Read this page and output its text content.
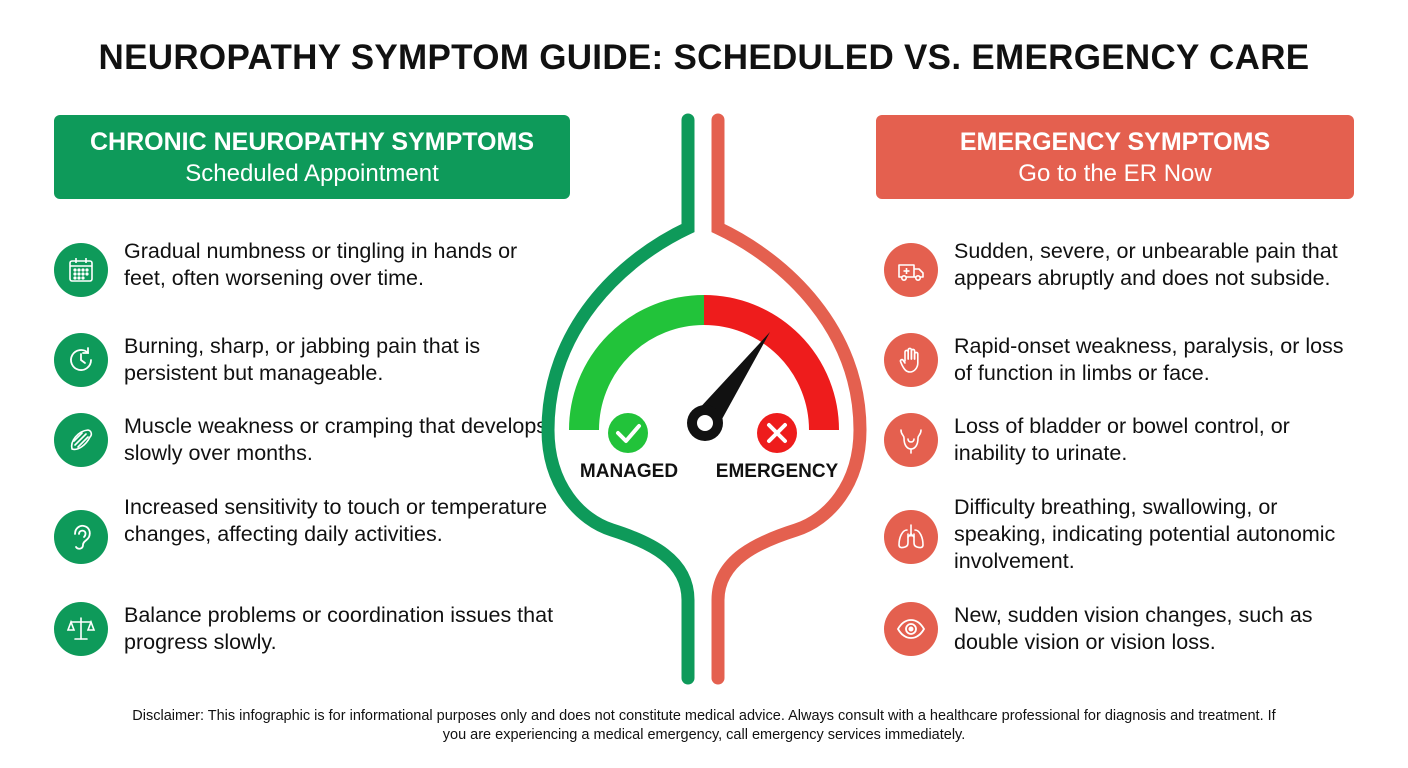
NEUROPATHY SYMPTOM GUIDE: SCHEDULED VS. EMERGENCY CARE
CHRONIC NEUROPATHY SYMPTOMS
Scheduled Appointment
EMERGENCY SYMPTOMS
Go to the ER Now
Gradual numbness or tingling in hands or feet, often worsening over time.
Burning, sharp, or jabbing pain that is persistent but manageable.
Muscle weakness or cramping that develops slowly over months.
Increased sensitivity to touch or temperature changes, affecting daily activities.
Balance problems or coordination issues that progress slowly.
Sudden, severe, or unbearable pain that appears abruptly and does not subside.
Rapid-onset weakness, paralysis, or loss of function in limbs or face.
Loss of bladder or bowel control, or inability to urinate.
Difficulty breathing, swallowing, or speaking, indicating potential autonomic involvement.
New, sudden vision changes, such as double vision or vision loss.
MANAGED EMERGENCY
Disclaimer: This infographic is for informational purposes only and does not constitute medical advice. Always consult with a healthcare professional for diagnosis and treatment. If you are experiencing a medical emergency, call emergency services immediately.
